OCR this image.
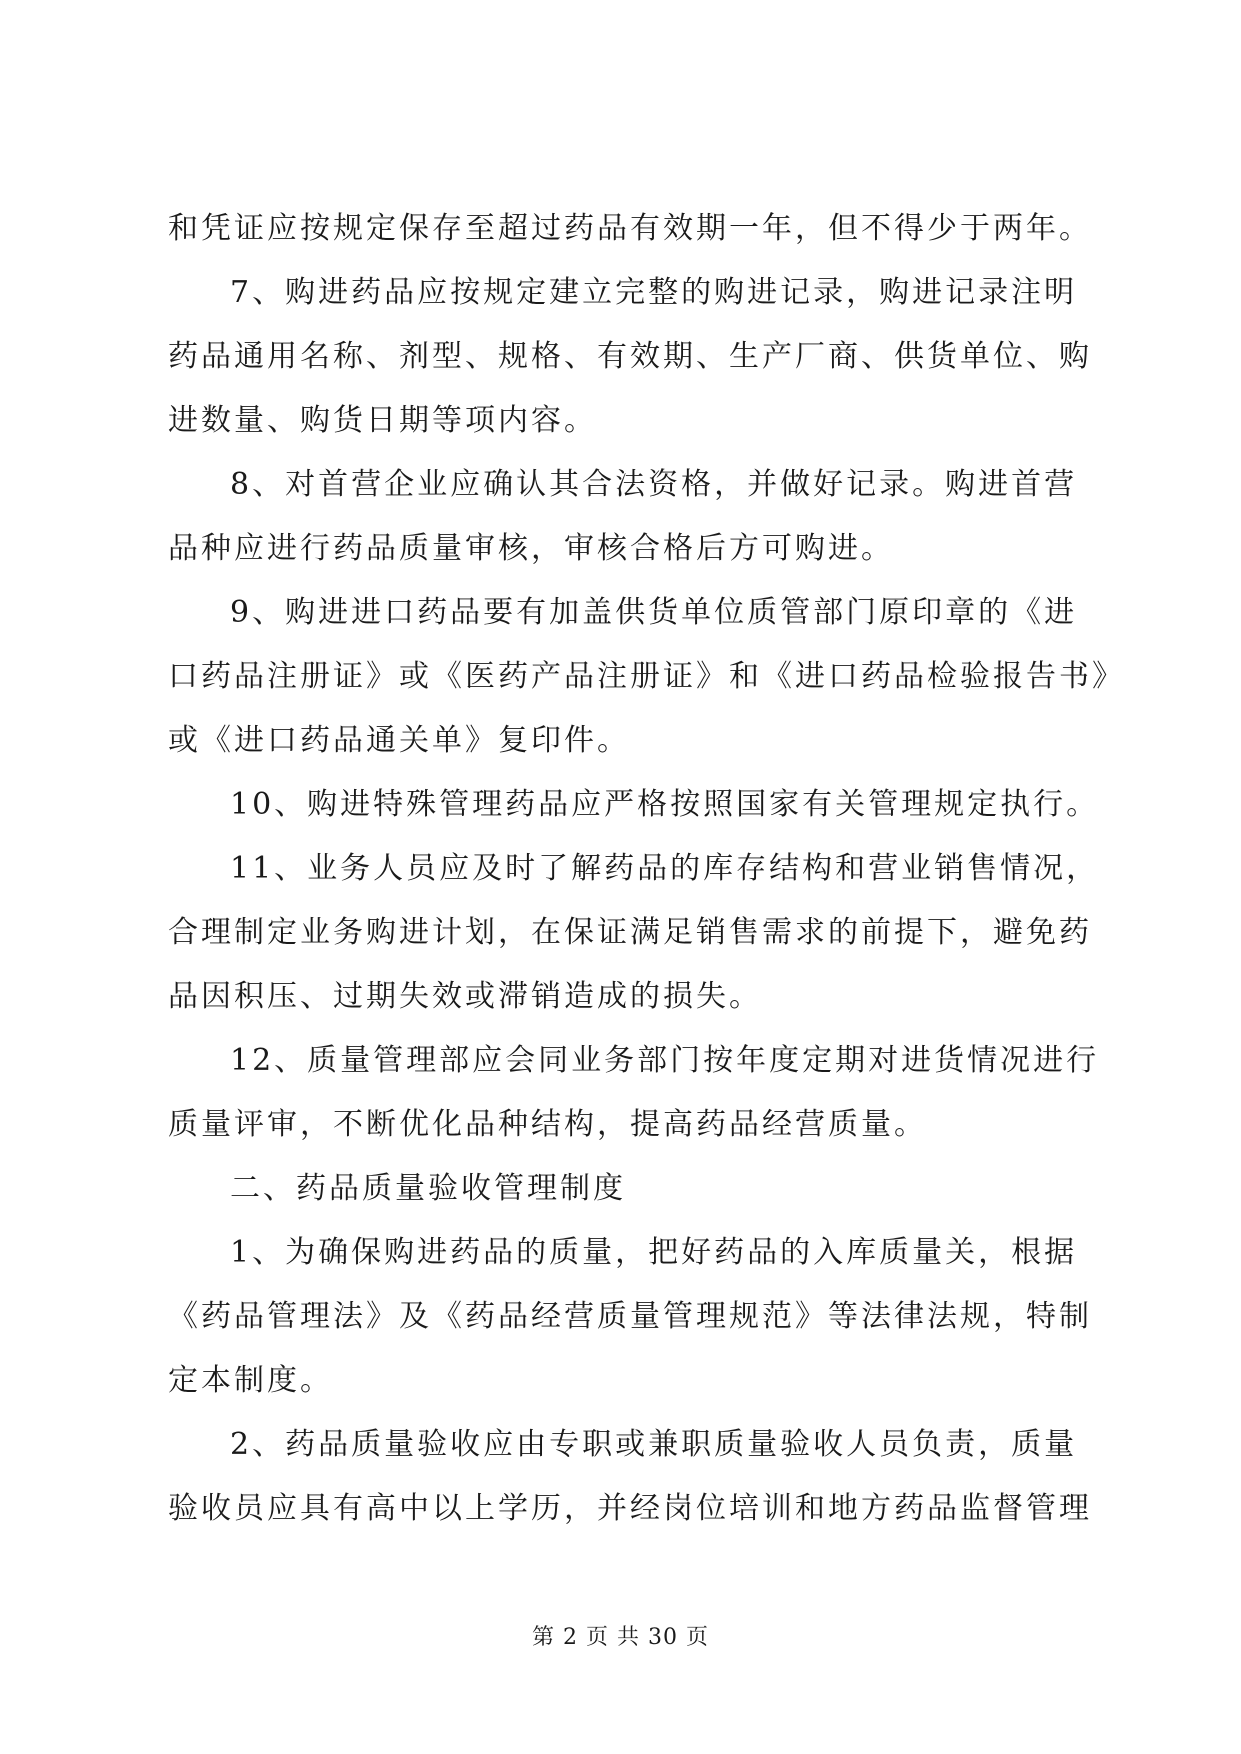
和凭证应按规定保存至超过药品有效期一年，但不得少于两年。
7、购进药品应按规定建立完整的购进记录，购进记录注明
药品通用名称、剂型、规格、有效期、生产厂商、供货单位、购
进数量、购货日期等项内容。
8、对首营企业应确认其合法资格，并做好记录。购进首营
品种应进行药品质量审核，审核合格后方可购进。
9、购进进口药品要有加盖供货单位质管部门原印章的《进
口药品注册证》或《医药产品注册证》和《进口药品检验报告书》
或《进口药品通关单》复印件。
10、购进特殊管理药品应严格按照国家有关管理规定执行。
11、业务人员应及时了解药品的库存结构和营业销售情况，
合理制定业务购进计划，在保证满足销售需求的前提下，避免药
品因积压、过期失效或滞销造成的损失。
12、质量管理部应会同业务部门按年度定期对进货情况进行
质量评审，不断优化品种结构，提高药品经营质量。
二、药品质量验收管理制度
1、为确保购进药品的质量，把好药品的入库质量关，根据
《药品管理法》及《药品经营质量管理规范》等法律法规，特制
定本制度。
2、药品质量验收应由专职或兼职质量验收人员负责，质量
验收员应具有高中以上学历，并经岗位培训和地方药品监督管理
第 2 页 共 30 页
